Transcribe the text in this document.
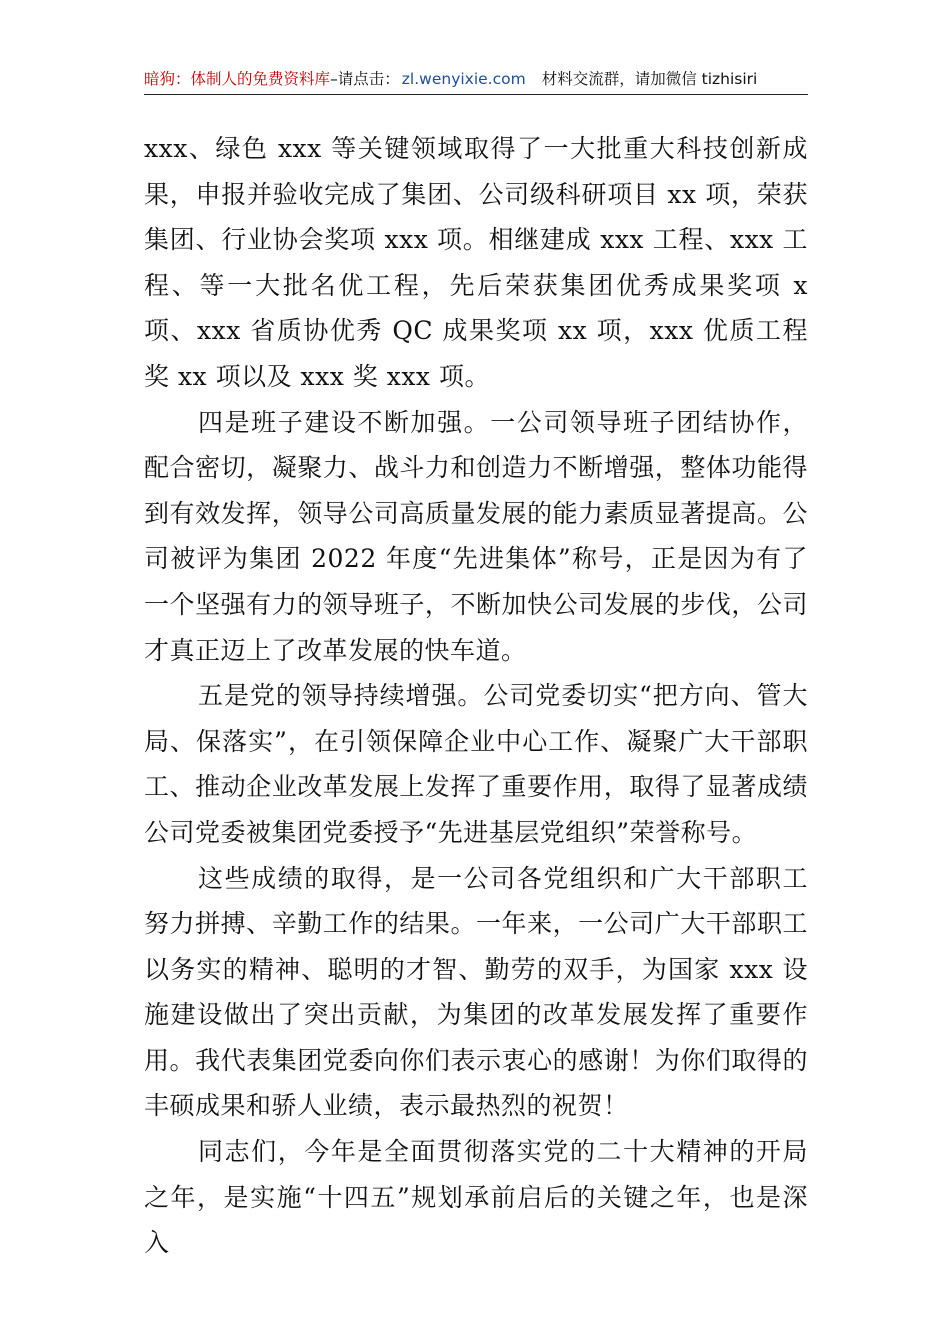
暗狗：体制人的免费资料库 –请点击： zl.wenyixie.com 材料交流群，请加微信 tizhisiri

xxx、绿色 xxx 等关键领域取得了一大批重大科技创新成果，申报并验收完成了集团、公司级科研项目 xx 项，荣获集团、行业协会奖项 xxx 项。相继建成 xxx 工程、xxx 工程、等一大批名优工程，先后荣获集团优秀成果奖项 x 项、xxx 省质协优秀 QC 成果奖项 xx 项，xxx 优质工程奖 xx 项以及 xxx 奖 xxx 项。

四是班子建设不断加强。一公司领导班子团结协作，配合密切，凝聚力、战斗力和创造力不断增强，整体功能得到有效发挥，领导公司高质量发展的能力素质显著提高。公司被评为集团 2022 年度“先进集体”称号，正是因为有了一个坚强有力的领导班子，不断加快公司发展的步伐，公司才真正迈上了改革发展的快车道。

五是党的领导持续增强。公司党委切实“把方向、管大局、保落实”，在引领保障企业中心工作、凝聚广大干部职工、推动企业改革发展上发挥了重要作用，取得了显著成绩公司党委被集团党委授予“先进基层党组织”荣誉称号。

这些成绩的取得，是一公司各党组织和广大干部职工努力拼搏、辛勤工作的结果。一年来，一公司广大干部职工以务实的精神、聪明的才智、勤劳的双手，为国家 xxx 设施建设做出了突出贡献，为集团的改革发展发挥了重要作用。我代表集团党委向你们表示衷心的感谢！为你们取得的丰硕成果和骄人业绩，表示最热烈的祝贺！

同志们，今年是全面贯彻落实党的二十大精神的开局之年，是实施“十四五”规划承前启后的关键之年，也是深入
